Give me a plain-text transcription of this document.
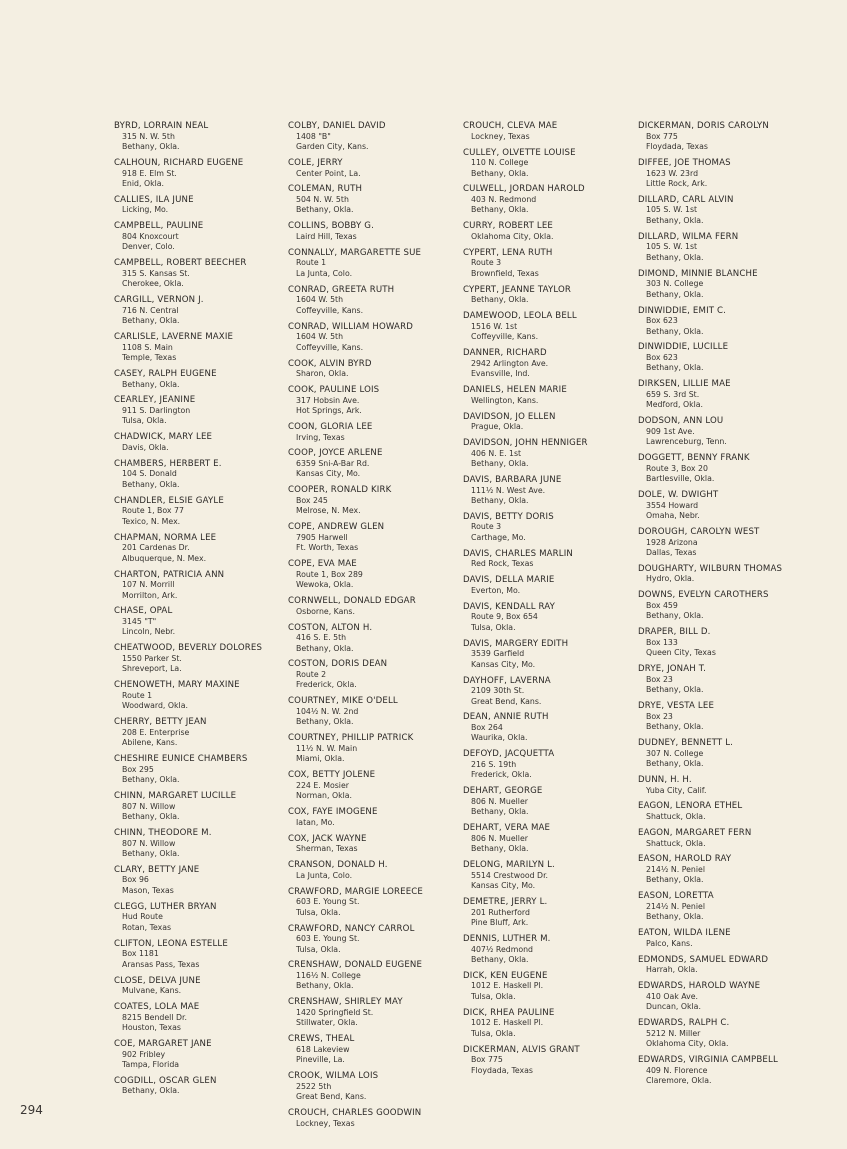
BYRD, LORRAIN NEAL
315 N. W. 5th
Bethany, Okla.
CALHOUN, RICHARD EUGENE
918 E. Elm St.
Enid, Okla.
CALLIES, ILA JUNE
Licking, Mo.
CAMPBELL, PAULINE
804 Knoxcourt
Denver, Colo.
CAMPBELL, ROBERT BEECHER
315 S. Kansas St.
Cherokee, Okla.
CARGILL, VERNON J.
716 N. Central
Bethany, Okla.
CARLISLE, LAVERNE MAXIE
1108 S. Main
Temple, Texas
CASEY, RALPH EUGENE
Bethany, Okla.
CEARLEY, JEANINE
911 S. Darlington
Tulsa, Okla.
CHADWICK, MARY LEE
Davis, Okla.
CHAMBERS, HERBERT E.
104 S. Donald
Bethany, Okla.
CHANDLER, ELSIE GAYLE
Route 1, Box 77
Texico, N. Mex.
CHAPMAN, NORMA LEE
201 Cardenas Dr.
Albuquerque, N. Mex.
CHARTON, PATRICIA ANN
107 N. Morrill
Morrilton, Ark.
CHASE, OPAL
3145 "T"
Lincoln, Nebr.
CHEATWOOD, BEVERLY DOLORES
1550 Parker St.
Shreveport, La.
CHENOWETH, MARY MAXINE
Route 1
Woodward, Okla.
CHERRY, BETTY JEAN
208 E. Enterprise
Abilene, Kans.
CHESHIRE EUNICE CHAMBERS
Box 295
Bethany, Okla.
CHINN, MARGARET LUCILLE
807 N. Willow
Bethany, Okla.
CHINN, THEODORE M.
807 N. Willow
Bethany, Okla.
CLARY, BETTY JANE
Box 96
Mason, Texas
CLEGG, LUTHER BRYAN
Hud Route
Rotan, Texas
CLIFTON, LEONA ESTELLE
Box 1181
Aransas Pass, Texas
CLOSE, DELVA JUNE
Mulvane, Kans.
COATES, LOLA MAE
8215 Bendell Dr.
Houston, Texas
COE, MARGARET JANE
902 Fribley
Tampa, Florida
COGDILL, OSCAR GLEN
Bethany, Okla.
COLBY, DANIEL DAVID
1408 "B"
Garden City, Kans.
COLE, JERRY
Center Point, La.
COLEMAN, RUTH
504 N. W. 5th
Bethany, Okla.
COLLINS, BOBBY G.
Laird Hill, Texas
CONNALLY, MARGARETTE SUE
Route 1
La Junta, Colo.
CONRAD, GREETA RUTH
1604 W. 5th
Coffeyville, Kans.
CONRAD, WILLIAM HOWARD
1604 W. 5th
Coffeyville, Kans.
COOK, ALVIN BYRD
Sharon, Okla.
COOK, PAULINE LOIS
317 Hobsin Ave.
Hot Springs, Ark.
COON, GLORIA LEE
Irving, Texas
COOP, JOYCE ARLENE
6359 Sni-A-Bar Rd.
Kansas City, Mo.
COOPER, RONALD KIRK
Box 245
Melrose, N. Mex.
COPE, ANDREW GLEN
7905 Harwell
Ft. Worth, Texas
COPE, EVA MAE
Route 1, Box 289
Wewoka, Okla.
CORNWELL, DONALD EDGAR
Osborne, Kans.
COSTON, ALTON H.
416 S. E. 5th
Bethany, Okla.
COSTON, DORIS DEAN
Route 2
Frederick, Okla.
COURTNEY, MIKE O'DELL
104½ N. W. 2nd
Bethany, Okla.
COURTNEY, PHILLIP PATRICK
11½ N. W. Main
Miami, Okla.
COX, BETTY JOLENE
224 E. Mosier
Norman, Okla.
COX, FAYE IMOGENE
Iatan, Mo.
COX, JACK WAYNE
Sherman, Texas
CRANSON, DONALD H.
La Junta, Colo.
CRAWFORD, MARGIE LOREECE
603 E. Young St.
Tulsa, Okla.
CRAWFORD, NANCY CARROL
603 E. Young St.
Tulsa, Okla.
CRENSHAW, DONALD EUGENE
116½ N. College
Bethany, Okla.
CRENSHAW, SHIRLEY MAY
1420 Springfield St.
Stillwater, Okla.
CREWS, THEAL
618 Lakeview
Pineville, La.
CROOK, WILMA LOIS
2522 5th
Great Bend, Kans.
CROUCH, CHARLES GOODWIN
Lockney, Texas
CROUCH, CLEVA MAE
Lockney, Texas
CULLEY, OLVETTE LOUISE
110 N. College
Bethany, Okla.
CULWELL, JORDAN HAROLD
403 N. Redmond
Bethany, Okla.
CURRY, ROBERT LEE
Oklahoma City, Okla.
CYPERT, LENA RUTH
Route 3
Brownfield, Texas
CYPERT, JEANNE TAYLOR
Bethany, Okla.
DAMEWOOD, LEOLA BELL
1516 W. 1st
Coffeyville, Kans.
DANNER, RICHARD
2942 Arlington Ave.
Evansville, Ind.
DANIELS, HELEN MARIE
Wellington, Kans.
DAVIDSON, JO ELLEN
Prague, Okla.
DAVIDSON, JOHN HENNIGER
406 N. E. 1st
Bethany, Okla.
DAVIS, BARBARA JUNE
111½ N. West Ave.
Bethany, Okla.
DAVIS, BETTY DORIS
Route 3
Carthage, Mo.
DAVIS, CHARLES MARLIN
Red Rock, Texas
DAVIS, DELLA MARIE
Everton, Mo.
DAVIS, KENDALL RAY
Route 9, Box 654
Tulsa, Okla.
DAVIS, MARGERY EDITH
3539 Garfield
Kansas City, Mo.
DAYHOFF, LAVERNA
2109 30th St.
Great Bend, Kans.
DEAN, ANNIE RUTH
Box 264
Waurika, Okla.
DEFOYD, JACQUETTA
216 S. 19th
Frederick, Okla.
DEHART, GEORGE
806 N. Mueller
Bethany, Okla.
DEHART, VERA MAE
806 N. Mueller
Bethany, Okla.
DELONG, MARILYN L.
5514 Crestwood Dr.
Kansas City, Mo.
DEMETRE, JERRY L.
201 Rutherford
Pine Bluff, Ark.
DENNIS, LUTHER M.
407½ Redmond
Bethany, Okla.
DICK, KEN EUGENE
1012 E. Haskell Pl.
Tulsa, Okla.
DICK, RHEA PAULINE
1012 E. Haskell Pl.
Tulsa, Okla.
DICKERMAN, ALVIS GRANT
Box 775
Floydada, Texas
DICKERMAN, DORIS CAROLYN
Box 775
Floydada, Texas
DIFFEE, JOE THOMAS
1623 W. 23rd
Little Rock, Ark.
DILLARD, CARL ALVIN
105 S. W. 1st
Bethany, Okla.
DILLARD, WILMA FERN
105 S. W. 1st
Bethany, Okla.
DIMOND, MINNIE BLANCHE
303 N. College
Bethany, Okla.
DINWIDDIE, EMIT C.
Box 623
Bethany, Okla.
DINWIDDIE, LUCILLE
Box 623
Bethany, Okla.
DIRKSEN, LILLIE MAE
659 S. 3rd St.
Medford, Okla.
DODSON, ANN LOU
909 1st Ave.
Lawrenceburg, Tenn.
DOGGETT, BENNY FRANK
Route 3, Box 20
Bartlesville, Okla.
DOLE, W. DWIGHT
3554 Howard
Omaha, Nebr.
DOROUGH, CAROLYN WEST
1928 Arizona
Dallas, Texas
DOUGHARTY, WILBURN THOMAS
Hydro, Okla.
DOWNS, EVELYN CAROTHERS
Box 459
Bethany, Okla.
DRAPER, BILL D.
Box 133
Queen City, Texas
DRYE, JONAH T.
Box 23
Bethany, Okla.
DRYE, VESTA LEE
Box 23
Bethany, Okla.
DUDNEY, BENNETT L.
307 N. College
Bethany, Okla.
DUNN, H. H.
Yuba City, Calif.
EAGON, LENORA ETHEL
Shattuck, Okla.
EAGON, MARGARET FERN
Shattuck, Okla.
EASON, HAROLD RAY
214½ N. Peniel
Bethany, Okla.
EASON, LORETTA
214½ N. Peniel
Bethany, Okla.
EATON, WILDA ILENE
Palco, Kans.
EDMONDS, SAMUEL EDWARD
Harrah, Okla.
EDWARDS, HAROLD WAYNE
410 Oak Ave.
Duncan, Okla.
EDWARDS, RALPH C.
5212 N. Miller
Oklahoma City, Okla.
EDWARDS, VIRGINIA CAMPBELL
409 N. Florence
Claremore, Okla.
294
